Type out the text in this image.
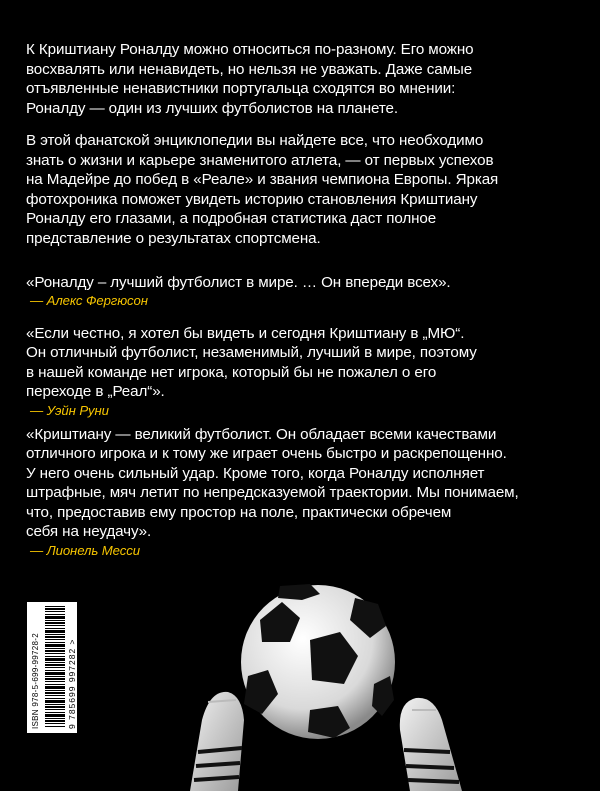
К Криштиану Роналду можно относиться по-разному. Его можно
восхвалять или ненавидеть, но нельзя не уважать. Даже самые
отъявленные ненавистники португальца сходятся во мнении:
Роналду — один из лучших футболистов на планете.
В этой фанатской энциклопедии вы найдете все, что необходимо
знать о жизни и карьере знаменитого атлета, — от первых успехов
на Мадейре до побед в «Реале» и звания чемпиона Европы. Яркая
фотохроника поможет увидеть историю становления Криштиану
Роналду его глазами, а подробная статистика даст полное
представление о результатах спортсмена.

«Роналду – лучший футболист в мире. … Он впереди всех».

— Алекс Фергюсон

«Если честно, я хотел бы видеть и сегодня Криштиану в „МЮ“.
Он отличный футболист, незаменимый, лучший в мире, поэтому
в нашей команде нет игрока, который бы не пожалел о его
переходе в „Реал“».

— Уэйн Руни

«Криштиану — великий футболист. Он обладает всеми качествами
отличного игрока и к тому же играет очень быстро и раскрепощенно.
У него очень сильный удар. Кроме того, когда Роналду исполняет
штрафные, мяч летит по непредсказуемой траектории. Мы понимаем,
что, предоставив ему простор на поле, практически обречем
себя на неудачу».

— Лионель Месси

ISBN 978-5-699-99728-2	9 785699 997282 >
